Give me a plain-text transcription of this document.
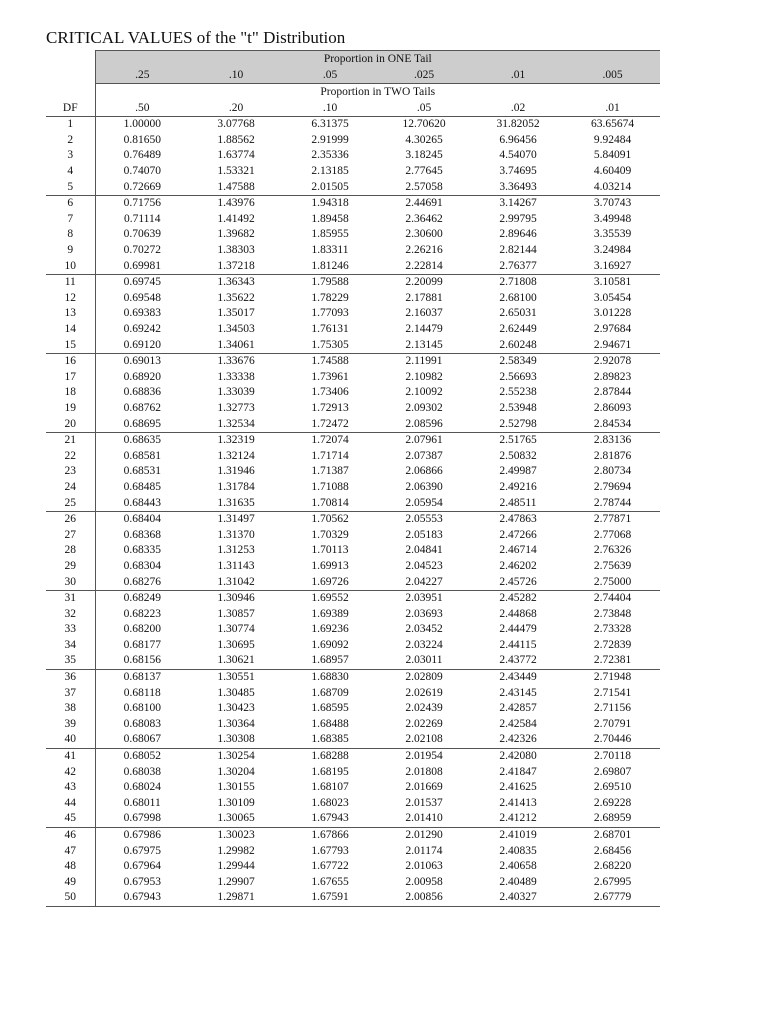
CRITICAL VALUES of the "t" Distribution
	Proportion in ONE Tail					
	.25	.10	.05	.025	.01	.005
	Proportion in TWO Tails					
DF	.50	.20	.10	.05	.02	.01
1	1.00000	3.07768	6.31375	12.70620	31.82052	63.65674
2	0.81650	1.88562	2.91999	4.30265	6.96456	9.92484
3	0.76489	1.63774	2.35336	3.18245	4.54070	5.84091
4	0.74070	1.53321	2.13185	2.77645	3.74695	4.60409
5	0.72669	1.47588	2.01505	2.57058	3.36493	4.03214
6	0.71756	1.43976	1.94318	2.44691	3.14267	3.70743
7	0.71114	1.41492	1.89458	2.36462	2.99795	3.49948
8	0.70639	1.39682	1.85955	2.30600	2.89646	3.35539
9	0.70272	1.38303	1.83311	2.26216	2.82144	3.24984
10	0.69981	1.37218	1.81246	2.22814	2.76377	3.16927
11	0.69745	1.36343	1.79588	2.20099	2.71808	3.10581
12	0.69548	1.35622	1.78229	2.17881	2.68100	3.05454
13	0.69383	1.35017	1.77093	2.16037	2.65031	3.01228
14	0.69242	1.34503	1.76131	2.14479	2.62449	2.97684
15	0.69120	1.34061	1.75305	2.13145	2.60248	2.94671
16	0.69013	1.33676	1.74588	2.11991	2.58349	2.92078
17	0.68920	1.33338	1.73961	2.10982	2.56693	2.89823
18	0.68836	1.33039	1.73406	2.10092	2.55238	2.87844
19	0.68762	1.32773	1.72913	2.09302	2.53948	2.86093
20	0.68695	1.32534	1.72472	2.08596	2.52798	2.84534
21	0.68635	1.32319	1.72074	2.07961	2.51765	2.83136
22	0.68581	1.32124	1.71714	2.07387	2.50832	2.81876
23	0.68531	1.31946	1.71387	2.06866	2.49987	2.80734
24	0.68485	1.31784	1.71088	2.06390	2.49216	2.79694
25	0.68443	1.31635	1.70814	2.05954	2.48511	2.78744
26	0.68404	1.31497	1.70562	2.05553	2.47863	2.77871
27	0.68368	1.31370	1.70329	2.05183	2.47266	2.77068
28	0.68335	1.31253	1.70113	2.04841	2.46714	2.76326
29	0.68304	1.31143	1.69913	2.04523	2.46202	2.75639
30	0.68276	1.31042	1.69726	2.04227	2.45726	2.75000
31	0.68249	1.30946	1.69552	2.03951	2.45282	2.74404
32	0.68223	1.30857	1.69389	2.03693	2.44868	2.73848
33	0.68200	1.30774	1.69236	2.03452	2.44479	2.73328
34	0.68177	1.30695	1.69092	2.03224	2.44115	2.72839
35	0.68156	1.30621	1.68957	2.03011	2.43772	2.72381
36	0.68137	1.30551	1.68830	2.02809	2.43449	2.71948
37	0.68118	1.30485	1.68709	2.02619	2.43145	2.71541
38	0.68100	1.30423	1.68595	2.02439	2.42857	2.71156
39	0.68083	1.30364	1.68488	2.02269	2.42584	2.70791
40	0.68067	1.30308	1.68385	2.02108	2.42326	2.70446
41	0.68052	1.30254	1.68288	2.01954	2.42080	2.70118
42	0.68038	1.30204	1.68195	2.01808	2.41847	2.69807
43	0.68024	1.30155	1.68107	2.01669	2.41625	2.69510
44	0.68011	1.30109	1.68023	2.01537	2.41413	2.69228
45	0.67998	1.30065	1.67943	2.01410	2.41212	2.68959
46	0.67986	1.30023	1.67866	2.01290	2.41019	2.68701
47	0.67975	1.29982	1.67793	2.01174	2.40835	2.68456
48	0.67964	1.29944	1.67722	2.01063	2.40658	2.68220
49	0.67953	1.29907	1.67655	2.00958	2.40489	2.67995
50	0.67943	1.29871	1.67591	2.00856	2.40327	2.67779
